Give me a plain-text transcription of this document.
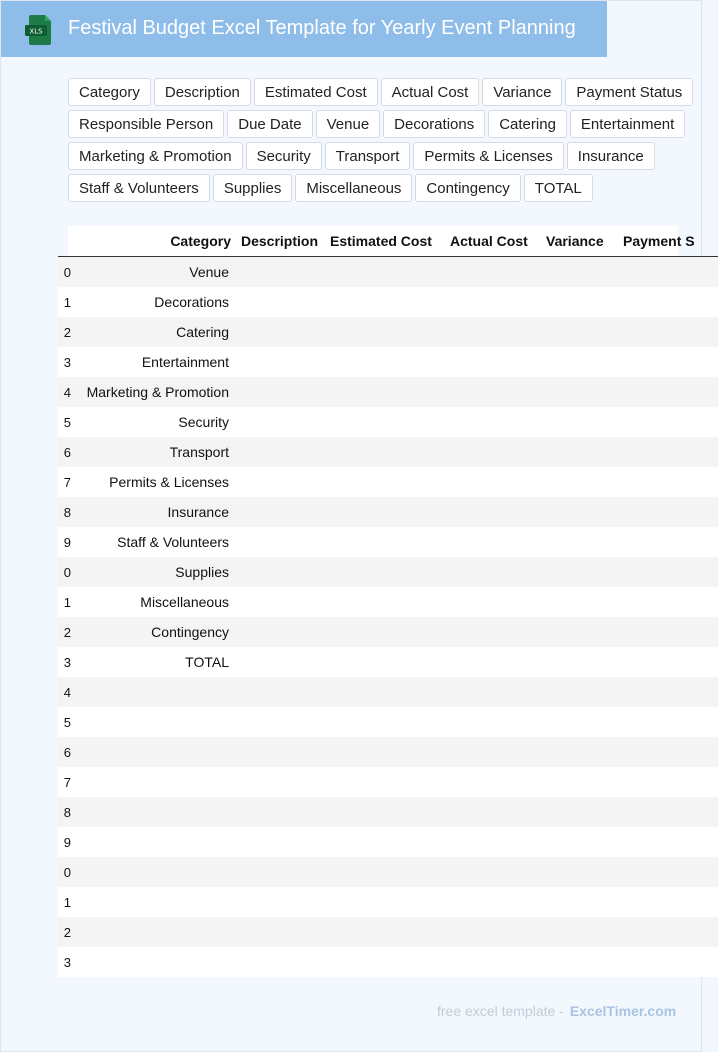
XLS Festival Budget Excel Template for Yearly Event Planning
Category	Description	Estimated Cost	Actual Cost	Variance	Payment Status
Responsible Person	Due Date	Venue	Decorations	Catering	Entertainment
Marketing & Promotion	Security	Transport	Permits & Licenses	Insurance
Staff & Volunteers	Supplies	Miscellaneous	Contingency	TOTAL
	Category	Description	Estimated Cost	Actual Cost	Variance	Payment S
0	Venue					
1	Decorations					
2	Catering					
3	Entertainment					
4	Marketing & Promotion					
5	Security					
6	Transport					
7	Permits & Licenses					
8	Insurance					
9	Staff & Volunteers					
0	Supplies					
1	Miscellaneous					
2	Contingency					
3	TOTAL					
4						
5						
6						
7						
8						
9						
0						
1						
2						
3						
free excel template - ExcelTimer.com
